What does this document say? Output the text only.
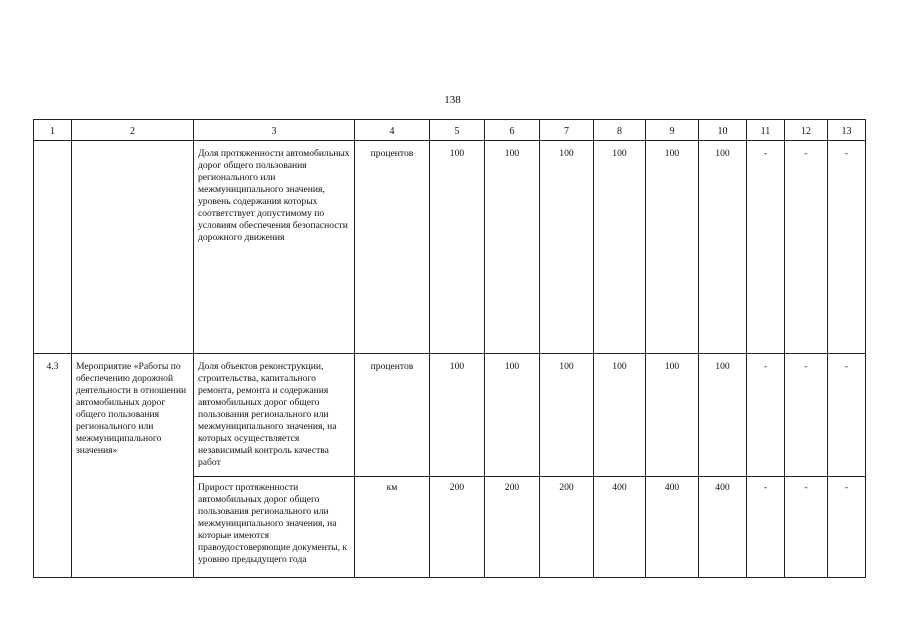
138
1	2	3	4	5	6	7	8	9	10	11	12	13
		Доля протяженности автомобильных дорог общего пользования регионального или межмуниципального значения, уровень содержания которых соответствует допустимому по условиям обеспечения безопасности дорожного движения	процентов	100	100	100	100	100	100	-	-	-
4.3	Мероприятие «Работы по обеспечению дорожной деятельности в отношении автомобильных дорог общего пользования регионального или межмуниципального значения»	Доля объектов реконструкции, строительства, капитального ремонта, ремонта и содержания автомобильных дорог общего пользования регионального или межмуниципального значения, на которых осуществляется независимый контроль качества работ	процентов	100	100	100	100	100	100	-	-	-
		Прирост протяженности автомобильных дорог общего пользования регионального или межмуниципального значения, на которые имеются правоудостоверяющие документы, к уровню предыдущего года	км	200	200	200	400	400	400	-	-	-
